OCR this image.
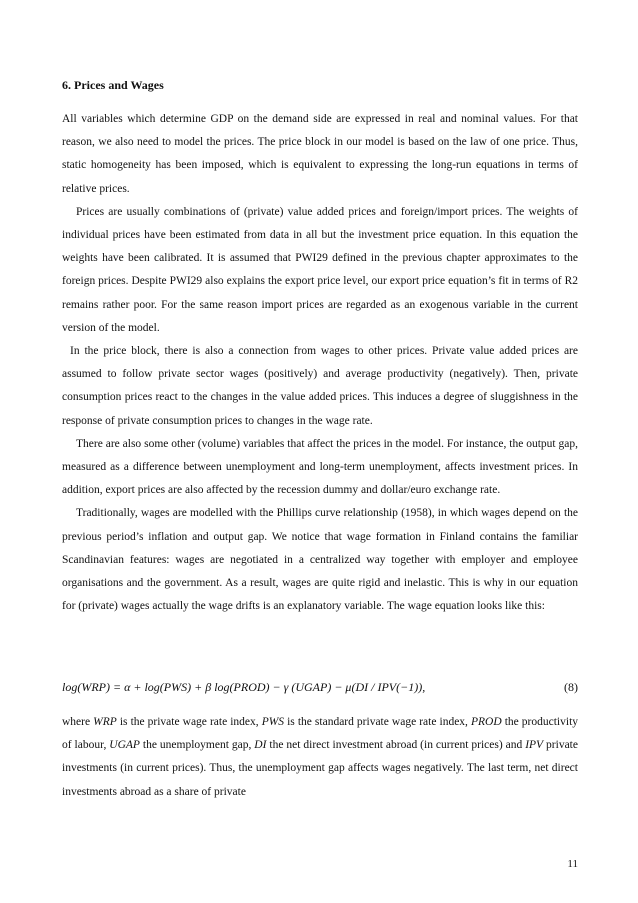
6. Prices and Wages

All variables which determine GDP on the demand side are expressed in real and nominal values. For that reason, we also need to model the prices. The price block in our model is based on the law of one price. Thus, static homogeneity has been imposed, which is equivalent to expressing the long-run equations in terms of relative prices.

Prices are usually combinations of (private) value added prices and foreign/import prices. The weights of individual prices have been estimated from data in all but the investment price equation. In this equation the weights have been calibrated. It is assumed that PWI29 defined in the previous chapter approximates to the foreign prices. Despite PWI29 also explains the export price level, our export price equation’s fit in terms of R2 remains rather poor. For the same reason import prices are regarded as an exogenous variable in the current version of the model.

In the price block, there is also a connection from wages to other prices. Private value added prices are assumed to follow private sector wages (positively) and average productivity (negatively). Then, private consumption prices react to the changes in the value added prices. This induces a degree of sluggishness in the response of private consumption prices to changes in the wage rate.

There are also some other (volume) variables that affect the prices in the model. For instance, the output gap, measured as a difference between unemployment and long-term unemployment, affects investment prices. In addition, export prices are also affected by the recession dummy and dollar/euro exchange rate.

Traditionally, wages are modelled with the Phillips curve relationship (1958), in which wages depend on the previous period’s inflation and output gap. We notice that wage formation in Finland contains the familiar Scandinavian features: wages are negotiated in a centralized way together with employer and employee organisations and the government. As a result, wages are quite rigid and inelastic. This is why in our equation for (private) wages actually the wage drifts is an explanatory variable. The wage equation looks like this:

log(WRP) = α + log(PWS) + β log(PROD) − γ (UGAP) − μ(DI / IPV(−1)),	(8)

where WRP is the private wage rate index, PWS is the standard private wage rate index, PROD the productivity of labour, UGAP the unemployment gap, DI the net direct investment abroad (in current prices) and IPV private investments (in current prices). Thus, the unemployment gap affects wages negatively. The last term, net direct investments abroad as a share of private

11
